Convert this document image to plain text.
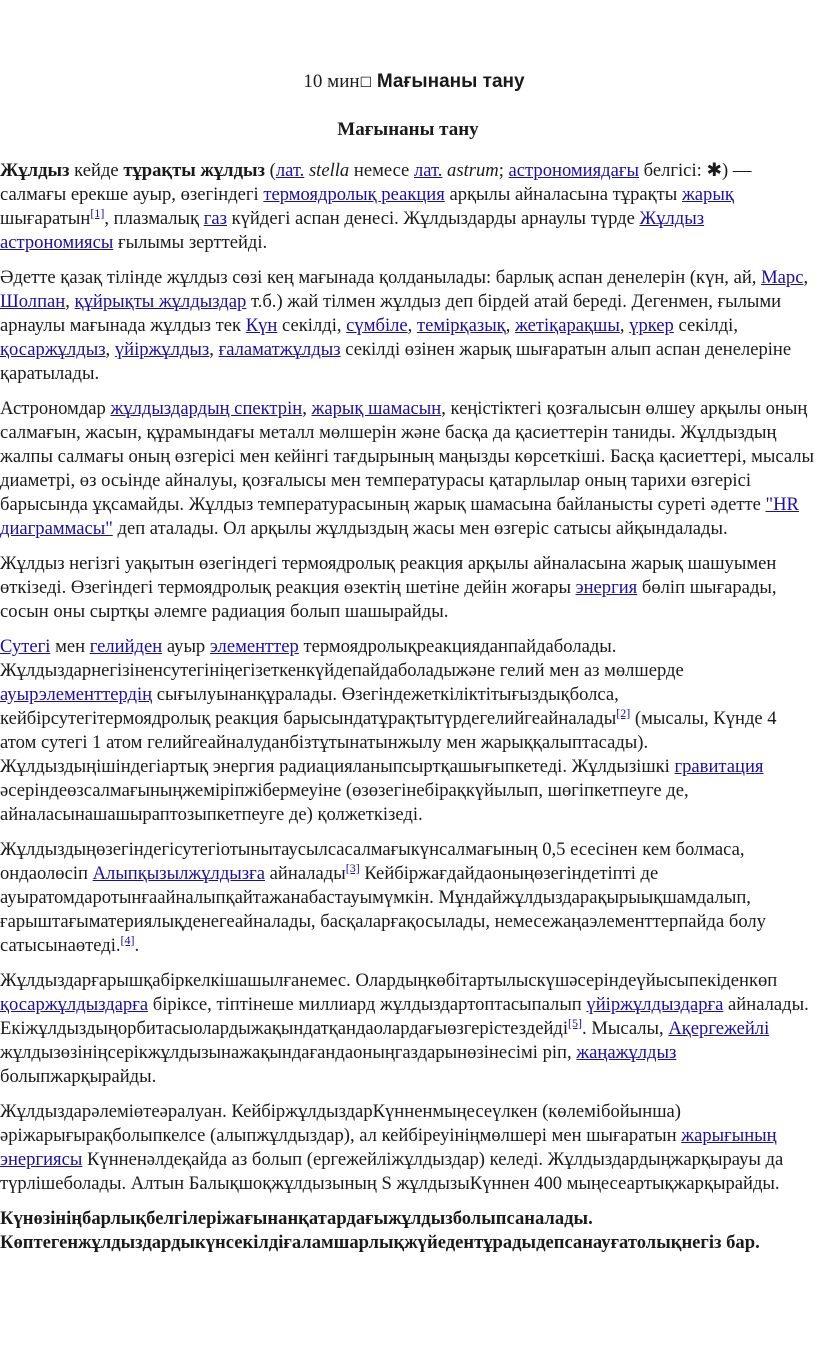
10 мин☐ Мағынаны тану
Мағынаны тану

Жұлдыз кейде тұрақты жұлдыз (лат. stella немесе лат. astrum; астрономиядағы белгісі: ✱) — салмағы ерекше ауыр, өзегіндегі термоядролық реакция арқылы айналасына тұрақты жарық шығаратын[1], плазмалық газ күйдегі аспан денесі. Жұлдыздарды арнаулы түрде Жұлдыз астрономиясы ғылымы зерттейді.

Әдетте қазақ тілінде жұлдыз сөзі кең мағынада қолданылады: барлық аспан денелерін (күн, ай, Марс, Шолпан, құйрықты жұлдыздар т.б.) жай тілмен жұлдыз деп бірдей атай береді. Дегенмен, ғылыми арнаулы мағынада жұлдыз тек Күн секілді, сүмбіле, темірқазық, жетіқарақшы, үркер секілді, қосаржұлдыз, үйіржұлдыз, ғаламатжұлдыз секілді өзінен жарық шығаратын алып аспан денелеріне қаратылады.

Астрономдар жұлдыздардың спектрін, жарық шамасын, кеңістіктегі қозғалысын өлшеу арқылы оның салмағын, жасын, құрамындағы металл мөлшерін және басқа да қасиеттерін таниды. Жұлдыздың жалпы салмағы оның өзгерісі мен кейінгі тағдырының маңызды көрсеткіші. Басқа қасиеттері, мысалы диаметрі, өз осьінде айналуы, қозғалысы мен температурасы қатарлылар оның тарихи өзгерісі барысында ұқсамайды. Жұлдыз температурасының жарық шамасына байланысты суреті әдетте "HR диаграммасы" деп аталады. Ол арқылы жұлдыздың жасы мен өзгеріс сатысы айқындалады.

Жұлдыз негізгі уақытын өзегіндегі термоядролық реакция арқылы айналасына жарық шашуымен өткізеді. Өзегіндегі термоядролық реакция өзектің шетіне дейін жоғары энергия бөліп шығарады, сосын оны сыртқы әлемге радиация болып шашырайды.

Сутегі мен гелийден ауыр элементтер термоядролықреакцияданпайдаболады. Жұлдыздарнегізіненсутегініңегізеткенкүйдепайдаболадыжәне гелий мен аз мөлшерде ауырэлементтердің сығылуынанқұралады. Өзегіндежеткіліктітығыздықболса, кейбірсутегітермоядролық реакция барысындатұрақтытүрдегелийгеайналады[2] (мысалы, Күнде 4 атом сутегі 1 атом гелийгеайналуданбізтұтынатынжылу мен жарыққалыптасады). Жұлдыздыңішіндегіартық энергия радиацияланыпсыртқашығыпкетеді. Жұлдызішкі гравитация әсеріндеөзсалмағыныңжеміріпжібермеуіне (өзөзегінебірақкүйылып, шөгіпкетпеуге де, айналасынашашыраптозыпкетпеуге де) қолжеткізеді.

Жұлдыздыңөзегіндегісутегіотынытаусылсасалмағыкүнсалмағының 0,5 есесінен кем болмаса, ондаолөсіп Алыпқызылжұлдызға айналады[3] Кейбіржағдайдаоныңөзегіндетіпті де ауыратомдаротынғаайналыпқайтажанабастауымүмкін. Мұндайжұлдыздарақырыықшамдалып, ғарыштағыматериялықденегеайналады, басқаларғақосылады, немесежаңаэлементтерпайда болу сатысынаөтеді.[4].

Жұлдыздарғарышқабіркелкішашылғанемес. Олардыңкөбітартылыскүшәсеріндеүйысыпекіденкөп қосаржұлдыздарға біріксе, тіптінеше миллиард жұлдыздартоптасыпалып үйіржұлдыздарға айналады. Екіжұлдыздыңорбитасыолардыжақындатқандаолардағыөзгерістездейді[5]. Мысалы, Ақергежейлі жұлдызөзініңсерікжұлдызынажақындағандаоныңгаздарынөзінесімі ріп, жаңажұлдыз болыпжарқырайды.

Жұлдыздарәлеміөтеәралуан. КейбіржұлдыздарКүнненмыңесеүлкен (көлемібойынша) әріжарығырақболыпкелсе (алыпжұлдыздар), ал кейбіреуініңмөлшері мен шығаратын жарығының энергиясы Күнненәлдеқайда аз болып (ергежейліжұлдыздар) келеді. Жұлдыздардыңжарқырауы да түрлішеболады. Алтын Балықшоқжұлдызының S жұлдызыКүннен 400 мыңесеартықжарқырайды.

Күнөзініңбарлықбелгілеріжағынанқатардағыжұлдызболыпсаналады. Көптегенжұлдыздардыкүнсекілдіғаламшарлықжүйедентұрадыдепсанауғатолықнегіз бар.
